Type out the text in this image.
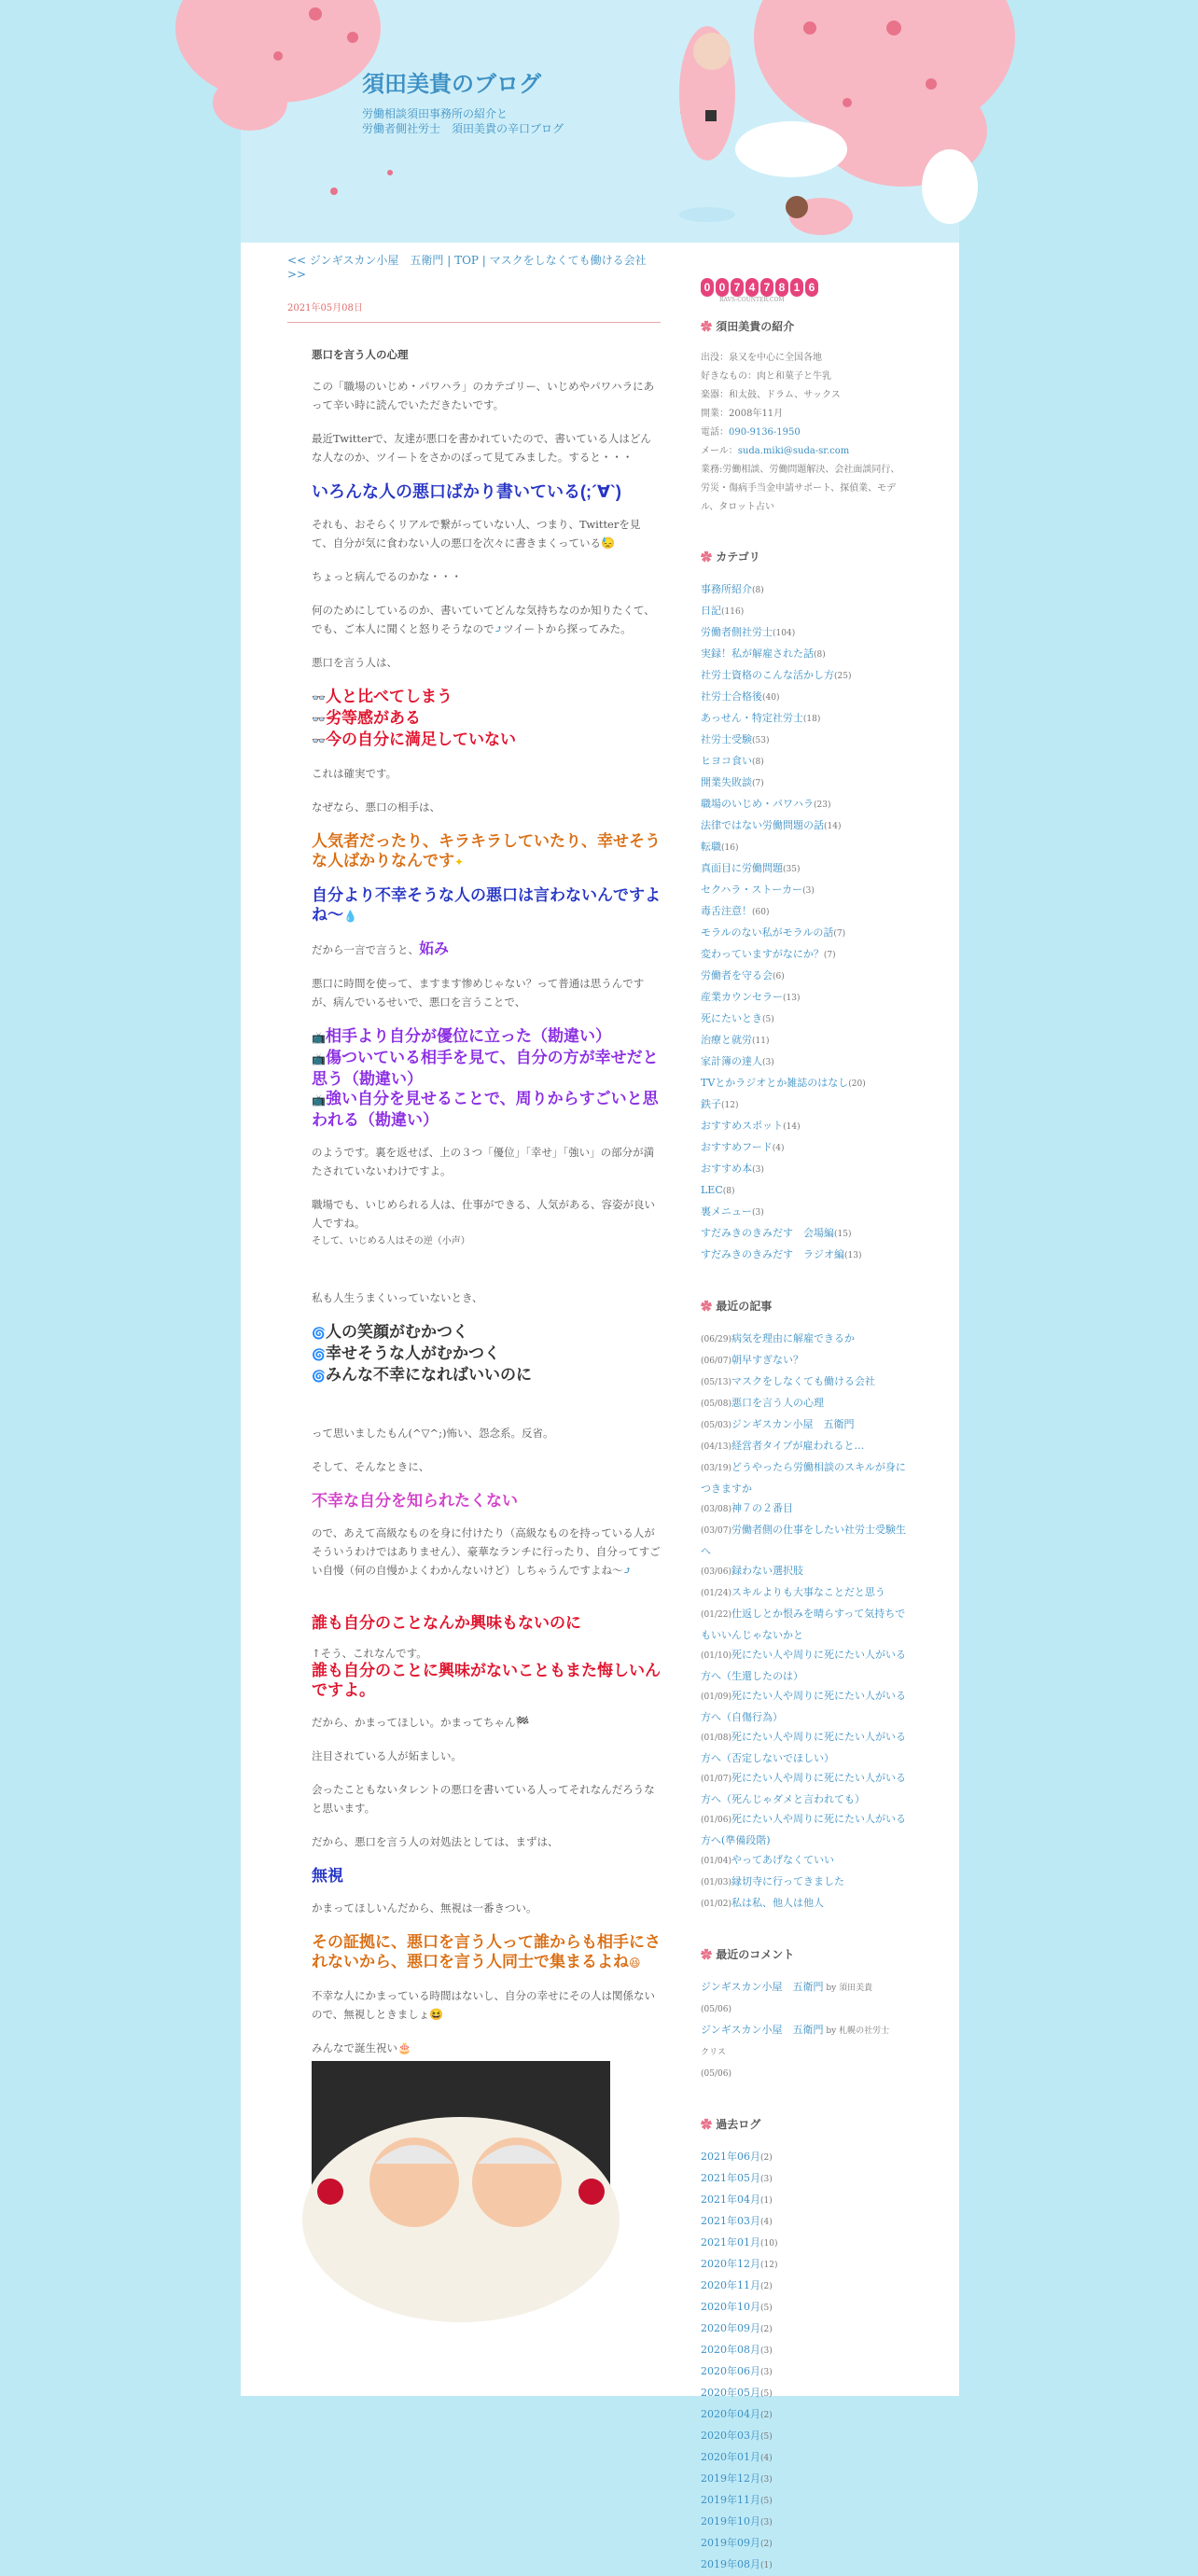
須田美貴のブログ
労働相談須田事務所の紹介と
労働者側社労士　須田美貴の辛口ブログ
<< ジンギスカン小屋　五衛門 | TOP | マスクをしなくても働ける会社 >>
2021年05月08日
悪口を言う人の心理
この「職場のいじめ・パワハラ」のカテゴリー、いじめやパワハラにあって辛い時に読んでいただきたいです。
最近Twitterで、友達が悪口を書かれていたので、書いている人はどんな人なのか、ツイートをさかのぼって見てみました。すると・・・
いろんな人の悪口ばかり書いている(;´∀`)
それも、おそらくリアルで繋がっていない人、つまり、Twitterを見て、自分が気に食わない人の悪口を次々に書きまくっている😓
ちょっと病んでるのかな・・・
何のためにしているのか、書いていてどんな気持ちなのか知りたくて、でも、ご本人に聞くと怒りそうなので⤴ツイートから探ってみた。
悪口を言う人は、
👓人と比べてしまう
👓劣等感がある
👓今の自分に満足していない
これは確実です。
なぜなら、悪口の相手は、
人気者だったり、キラキラしていたり、幸せそうな人ばかりなんです✦
自分より不幸そうな人の悪口は言わないんですよね～💧
だから一言で言うと、妬み
悪口に時間を使って、ますます惨めじゃない？って普通は思うんですが、病んでいるせいで、悪口を言うことで、
📺相手より自分が優位に立った（勘違い）
📺傷ついている相手を見て、自分の方が幸せだと思う（勘違い）
📺強い自分を見せることで、周りからすごいと思われる（勘違い）
のようです。裏を返せば、上の３つ「優位」「幸せ」「強い」の部分が満たされていないわけですよ。
職場でも、いじめられる人は、仕事ができる、人気がある、容姿が良い人ですね。
そして、いじめる人はその逆（小声）
私も人生うまくいっていないとき、
🌀人の笑顔がむかつく
🌀幸せそうな人がむかつく
🌀みんな不幸になればいいのに
って思いましたもん(^▽^;)怖い、怨念系。反省。
そして、そんなときに、
不幸な自分を知られたくない
ので、あえて高級なものを身に付けたり（高級なものを持っている人がそういうわけではありません）、豪華なランチに行ったり、自分ってすごい自慢（何の自慢かよくわかんないけど）しちゃうんですよね～⤴
誰も自分のことなんか興味もないのに
↑そう、これなんです。
誰も自分のことに興味がないこともまた悔しいんですよ。
だから、かまってほしい。かまってちゃん🏁
注目されている人が妬ましい。
会ったこともないタレントの悪口を書いている人ってそれなんだろうなと思います。
だから、悪口を言う人の対処法としては、まずは、
無視
かまってほしいんだから、無視は一番きつい。
その証拠に、悪口を言う人って誰からも相手にされないから、悪口を言う人同士で集まるよね😆
不幸な人にかまっている時間はないし、自分の幸せにその人は関係ないので、無視しときましょ😆
みんなで誕生祝い🎂
0 0 7 4 7 8 1 6
RAVS-COUNTER.COM
✿ 須田美貴の紹介
出没：泉又を中心に全国各地
好きなもの：肉と和菓子と牛乳
楽器：和太鼓、ドラム、サックス
開業：2008年11月
電話：090-9136-1950
メール：suda.miki@suda-sr.com
業務:労働相談、労働問題解決、会社面談同行、労災・傷病手当金申請サポート、探偵業、モデル、タロット占い
✿ カテゴリ
事務所紹介(8)
日記(116)
労働者側社労士(104)
実録！私が解雇された話(8)
社労士資格のこんな活かし方(25)
社労士合格後(40)
あっせん・特定社労士(18)
社労士受験(53)
ヒヨコ食い(8)
開業失敗談(7)
職場のいじめ・パワハラ(23)
法律ではない労働問題の話(14)
転職(16)
真面目に労働問題(35)
セクハラ・ストーカー(3)
毒舌注意！(60)
モラルのない私がモラルの話(7)
変わっていますがなにか？(7)
労働者を守る会(6)
産業カウンセラー(13)
死にたいとき(5)
治療と就労(11)
家計簿の達人(3)
TVとかラジオとか雑誌のはなし(20)
鉄子(12)
おすすめスポット(14)
おすすめフード(4)
おすすめ本(3)
LEC(8)
裏メニュー(3)
すだみきのきみだす　会場編(15)
すだみきのきみだす　ラジオ編(13)
✿ 最近の記事
(06/29)病気を理由に解雇できるか
(06/07)朝早すぎない？
(05/13)マスクをしなくても働ける会社
(05/08)悪口を言う人の心理
(05/03)ジンギスカン小屋　五衛門
(04/13)経営者タイプが雇われると…
(03/19)どうやったら労働相談のスキルが身につきますか
(03/08)神７の２番目
(03/07)労働者側の仕事をしたい社労士受験生へ
(03/06)録わない選択肢
(01/24)スキルよりも大事なことだと思う
(01/22)仕返しとか恨みを晴らすって気持ちでもいいんじゃないかと
(01/10)死にたい人や周りに死にたい人がいる方へ（生還したのは）
(01/09)死にたい人や周りに死にたい人がいる方へ（自傷行為）
(01/08)死にたい人や周りに死にたい人がいる方へ（否定しないでほしい）
(01/07)死にたい人や周りに死にたい人がいる方へ（死んじゃダメと言われても）
(01/06)死にたい人や周りに死にたい人がいる方へ(準備段階)
(01/04)やってあげなくていい
(01/03)縁切寺に行ってきました
(01/02)私は私、他人は他人
✿ 最近のコメント
ジンギスカン小屋　五衛門 by 須田美貴
(05/06)
ジンギスカン小屋　五衛門 by 札幌の社労士　クリス
(05/06)
✿ 過去ログ
2021年06月(2)
2021年05月(3)
2021年04月(1)
2021年03月(4)
2021年01月(10)
2020年12月(12)
2020年11月(2)
2020年10月(5)
2020年09月(2)
2020年08月(3)
2020年06月(3)
2020年05月(5)
2020年04月(2)
2020年03月(5)
2020年01月(4)
2019年12月(3)
2019年11月(5)
2019年10月(3)
2019年09月(2)
2019年08月(1)
